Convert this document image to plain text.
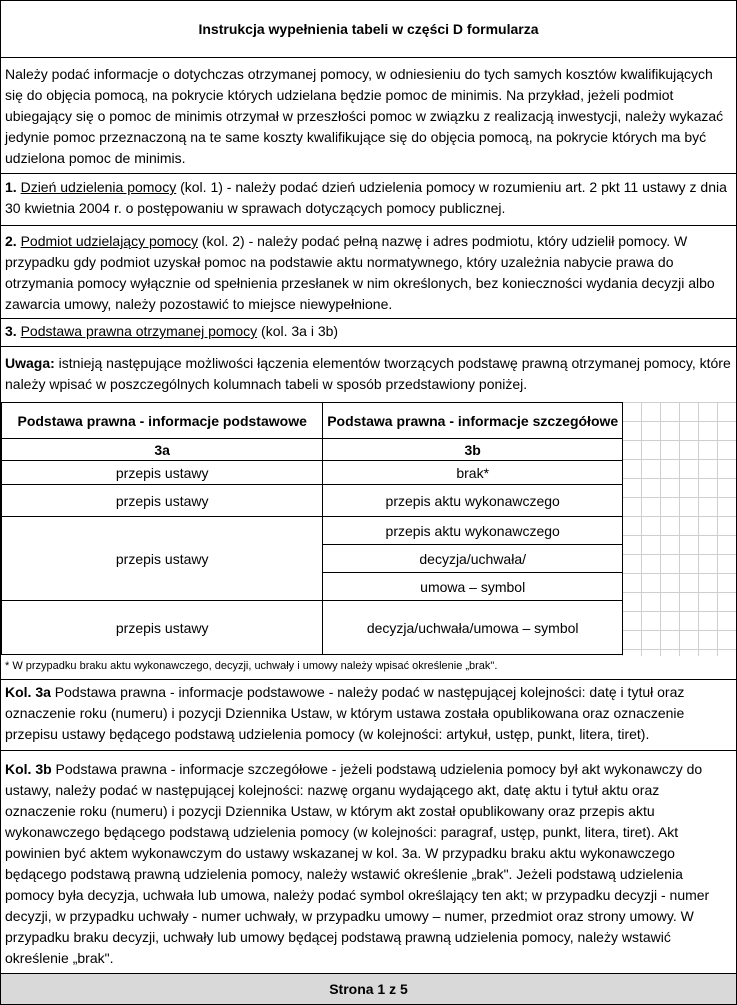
Instrukcja wypełnienia tabeli w części D formularza
Należy podać informacje o dotychczas otrzymanej pomocy, w odniesieniu do tych samych kosztów kwalifikujących się do objęcia pomocą, na pokrycie których udzielana będzie pomoc de minimis. Na przykład, jeżeli podmiot ubiegający się o pomoc de minimis otrzymał w przeszłości pomoc w związku z realizacją inwestycji, należy wykazać jedynie pomoc przeznaczoną na te same koszty kwalifikujące się do objęcia pomocą, na pokrycie których ma być udzielona pomoc de minimis.
1. Dzień udzielenia pomocy (kol. 1) - należy podać dzień udzielenia pomocy w rozumieniu art. 2 pkt 11 ustawy z dnia 30 kwietnia 2004 r. o postępowaniu w sprawach dotyczących pomocy publicznej.
2. Podmiot udzielający pomocy (kol. 2) - należy podać pełną nazwę i adres podmiotu, który udzielił pomocy. W przypadku gdy podmiot uzyskał pomoc na podstawie aktu normatywnego, który uzależnia nabycie prawa do otrzymania pomocy wyłącznie od spełnienia przesłanek w nim określonych, bez konieczności wydania decyzji albo zawarcia umowy, należy pozostawić to miejsce niewypełnione.
3. Podstawa prawna otrzymanej pomocy (kol. 3a i 3b)
Uwaga: istnieją następujące możliwości łączenia elementów tworzących podstawę prawną otrzymanej pomocy, które należy wpisać w poszczególnych kolumnach tabeli w sposób przedstawiony poniżej.
Podstawa prawna - informacje podstawowe	Podstawa prawna - informacje szczegółowe
3a	3b
przepis ustawy	brak*
przepis ustawy	przepis aktu wykonawczego
przepis ustawy	przepis aktu wykonawczego
	decyzja/uchwała/
	umowa – symbol
przepis ustawy	decyzja/uchwała/umowa – symbol
* W przypadku braku aktu wykonawczego, decyzji, uchwały i umowy należy wpisać określenie „brak".
Kol. 3a Podstawa prawna - informacje podstawowe - należy podać w następującej kolejności: datę i tytuł oraz oznaczenie roku (numeru) i pozycji Dziennika Ustaw, w którym ustawa została opublikowana oraz oznaczenie przepisu ustawy będącego podstawą udzielenia pomocy (w kolejności: artykuł, ustęp, punkt, litera, tiret).
Kol. 3b Podstawa prawna - informacje szczegółowe - jeżeli podstawą udzielenia pomocy był akt wykonawczy do ustawy, należy podać w następującej kolejności: nazwę organu wydającego akt, datę aktu i tytuł aktu oraz oznaczenie roku (numeru) i pozycji Dziennika Ustaw, w którym akt został opublikowany oraz przepis aktu wykonawczego będącego podstawą udzielenia pomocy (w kolejności: paragraf, ustęp, punkt, litera, tiret). Akt powinien być aktem wykonawczym do ustawy wskazanej w kol. 3a. W przypadku braku aktu wykonawczego będącego podstawą prawną udzielenia pomocy, należy wstawić określenie „brak". Jeżeli podstawą udzielenia pomocy była decyzja, uchwała lub umowa, należy podać symbol określający ten akt; w przypadku decyzji - numer decyzji, w przypadku uchwały - numer uchwały, w przypadku umowy – numer, przedmiot oraz strony umowy. W przypadku braku decyzji, uchwały lub umowy będącej podstawą prawną udzielenia pomocy, należy wstawić określenie „brak".
Strona 1 z 5
